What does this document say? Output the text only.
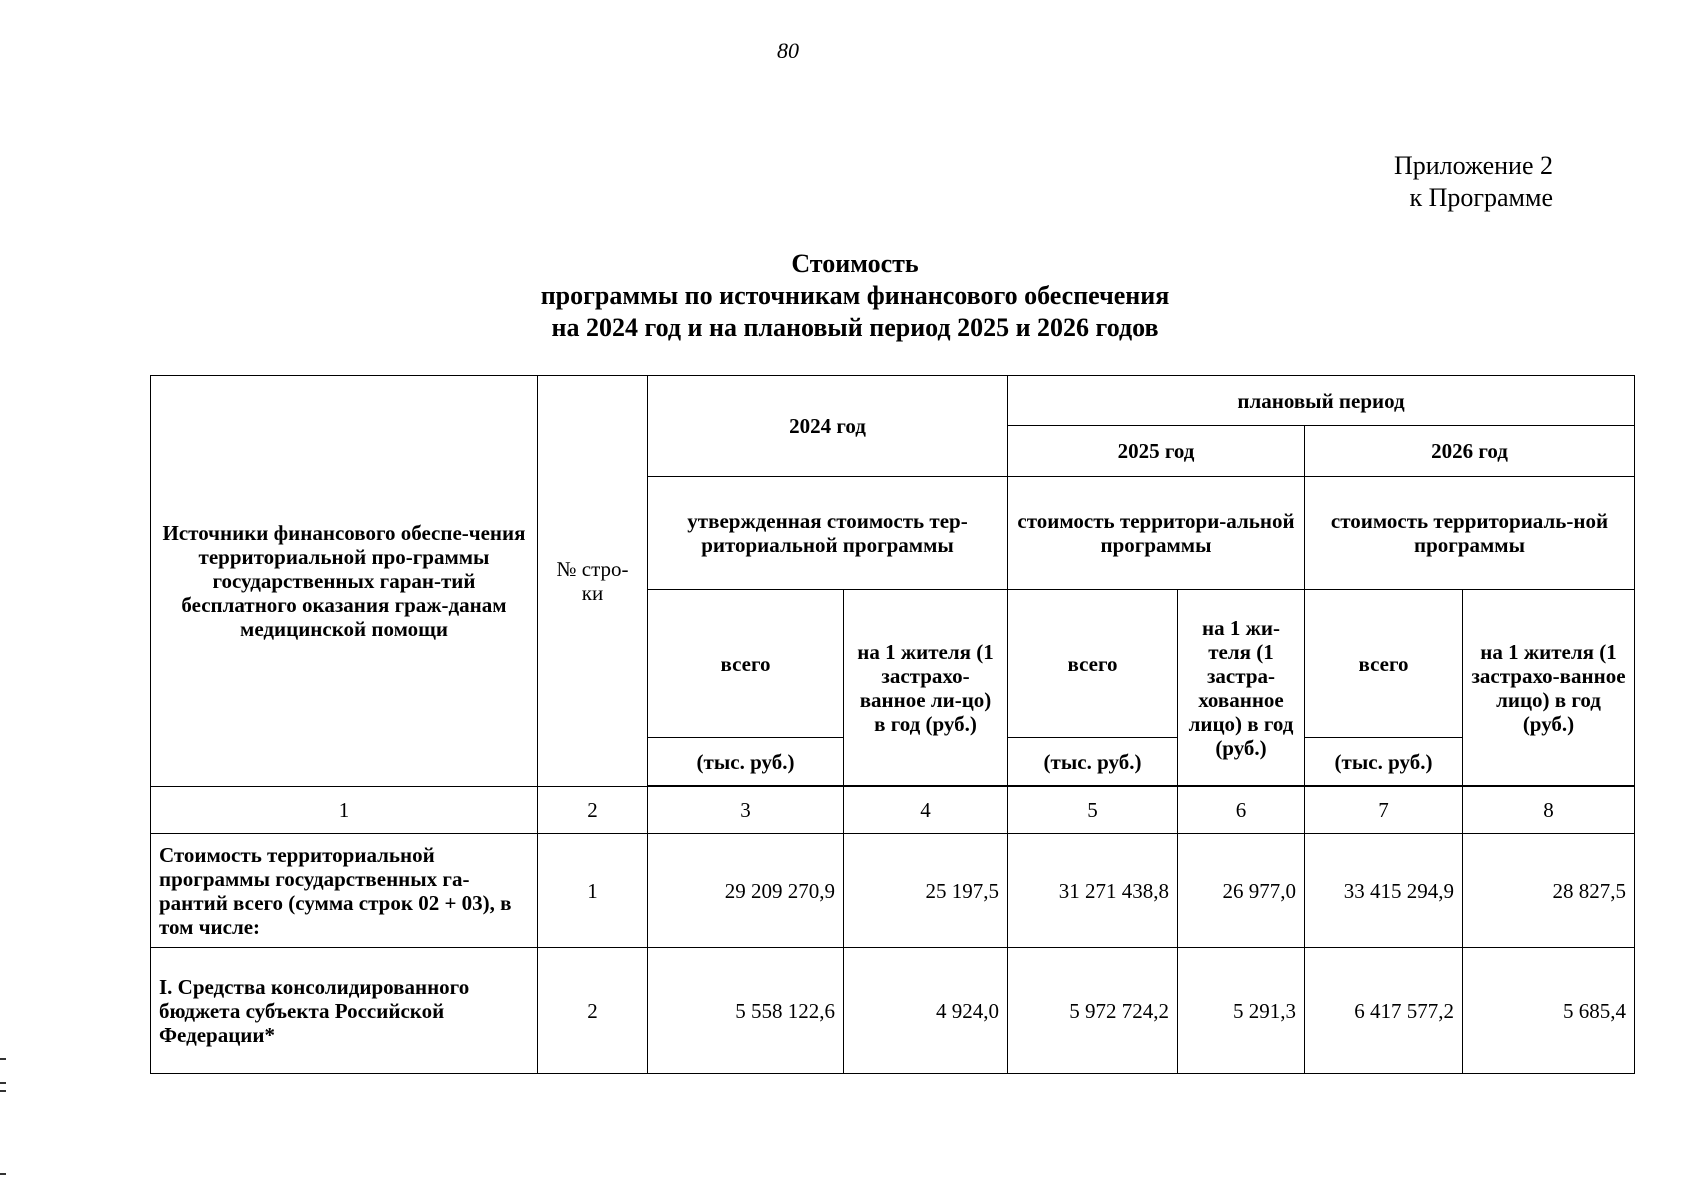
80
Приложение 2
к Программе
Стоимость
программы по источникам финансового обеспечения
на 2024 год и на плановый период 2025 и 2026 годов
Источники финансового обеспе-чения территориальной про-граммы государственных гаран-тий бесплатного оказания граж-данам медицинской помощи	№ стро-ки	2024 год		плановый период			
				2025 год		2026 год	
		утвержденная стоимость тер-риториальной программы		стоимость территори-альной программы		стоимость территориаль-ной программы	
		всего	на 1 жителя (1 застрахо-ванное ли-цо) в год (руб.)	всего	на 1 жи-теля (1 застра-хованное лицо) в год (руб.)	всего	на 1 жителя (1 застрахо-ванное лицо) в год (руб.)
		(тыс. руб.)		(тыс. руб.)		(тыс. руб.)	

1	2	3	4	5	6	7	8
Стоимость территориальной программы государственных га-рантий всего (сумма строк 02 + 03), в том числе:	1	29 209 270,9	25 197,5	31 271 438,8	26 977,0	33 415 294,9	28 827,5
I. Средства консолидированного бюджета субъекта Российской Федерации*	2	5 558 122,6	4 924,0	5 972 724,2	5 291,3	6 417 577,2	5 685,4
